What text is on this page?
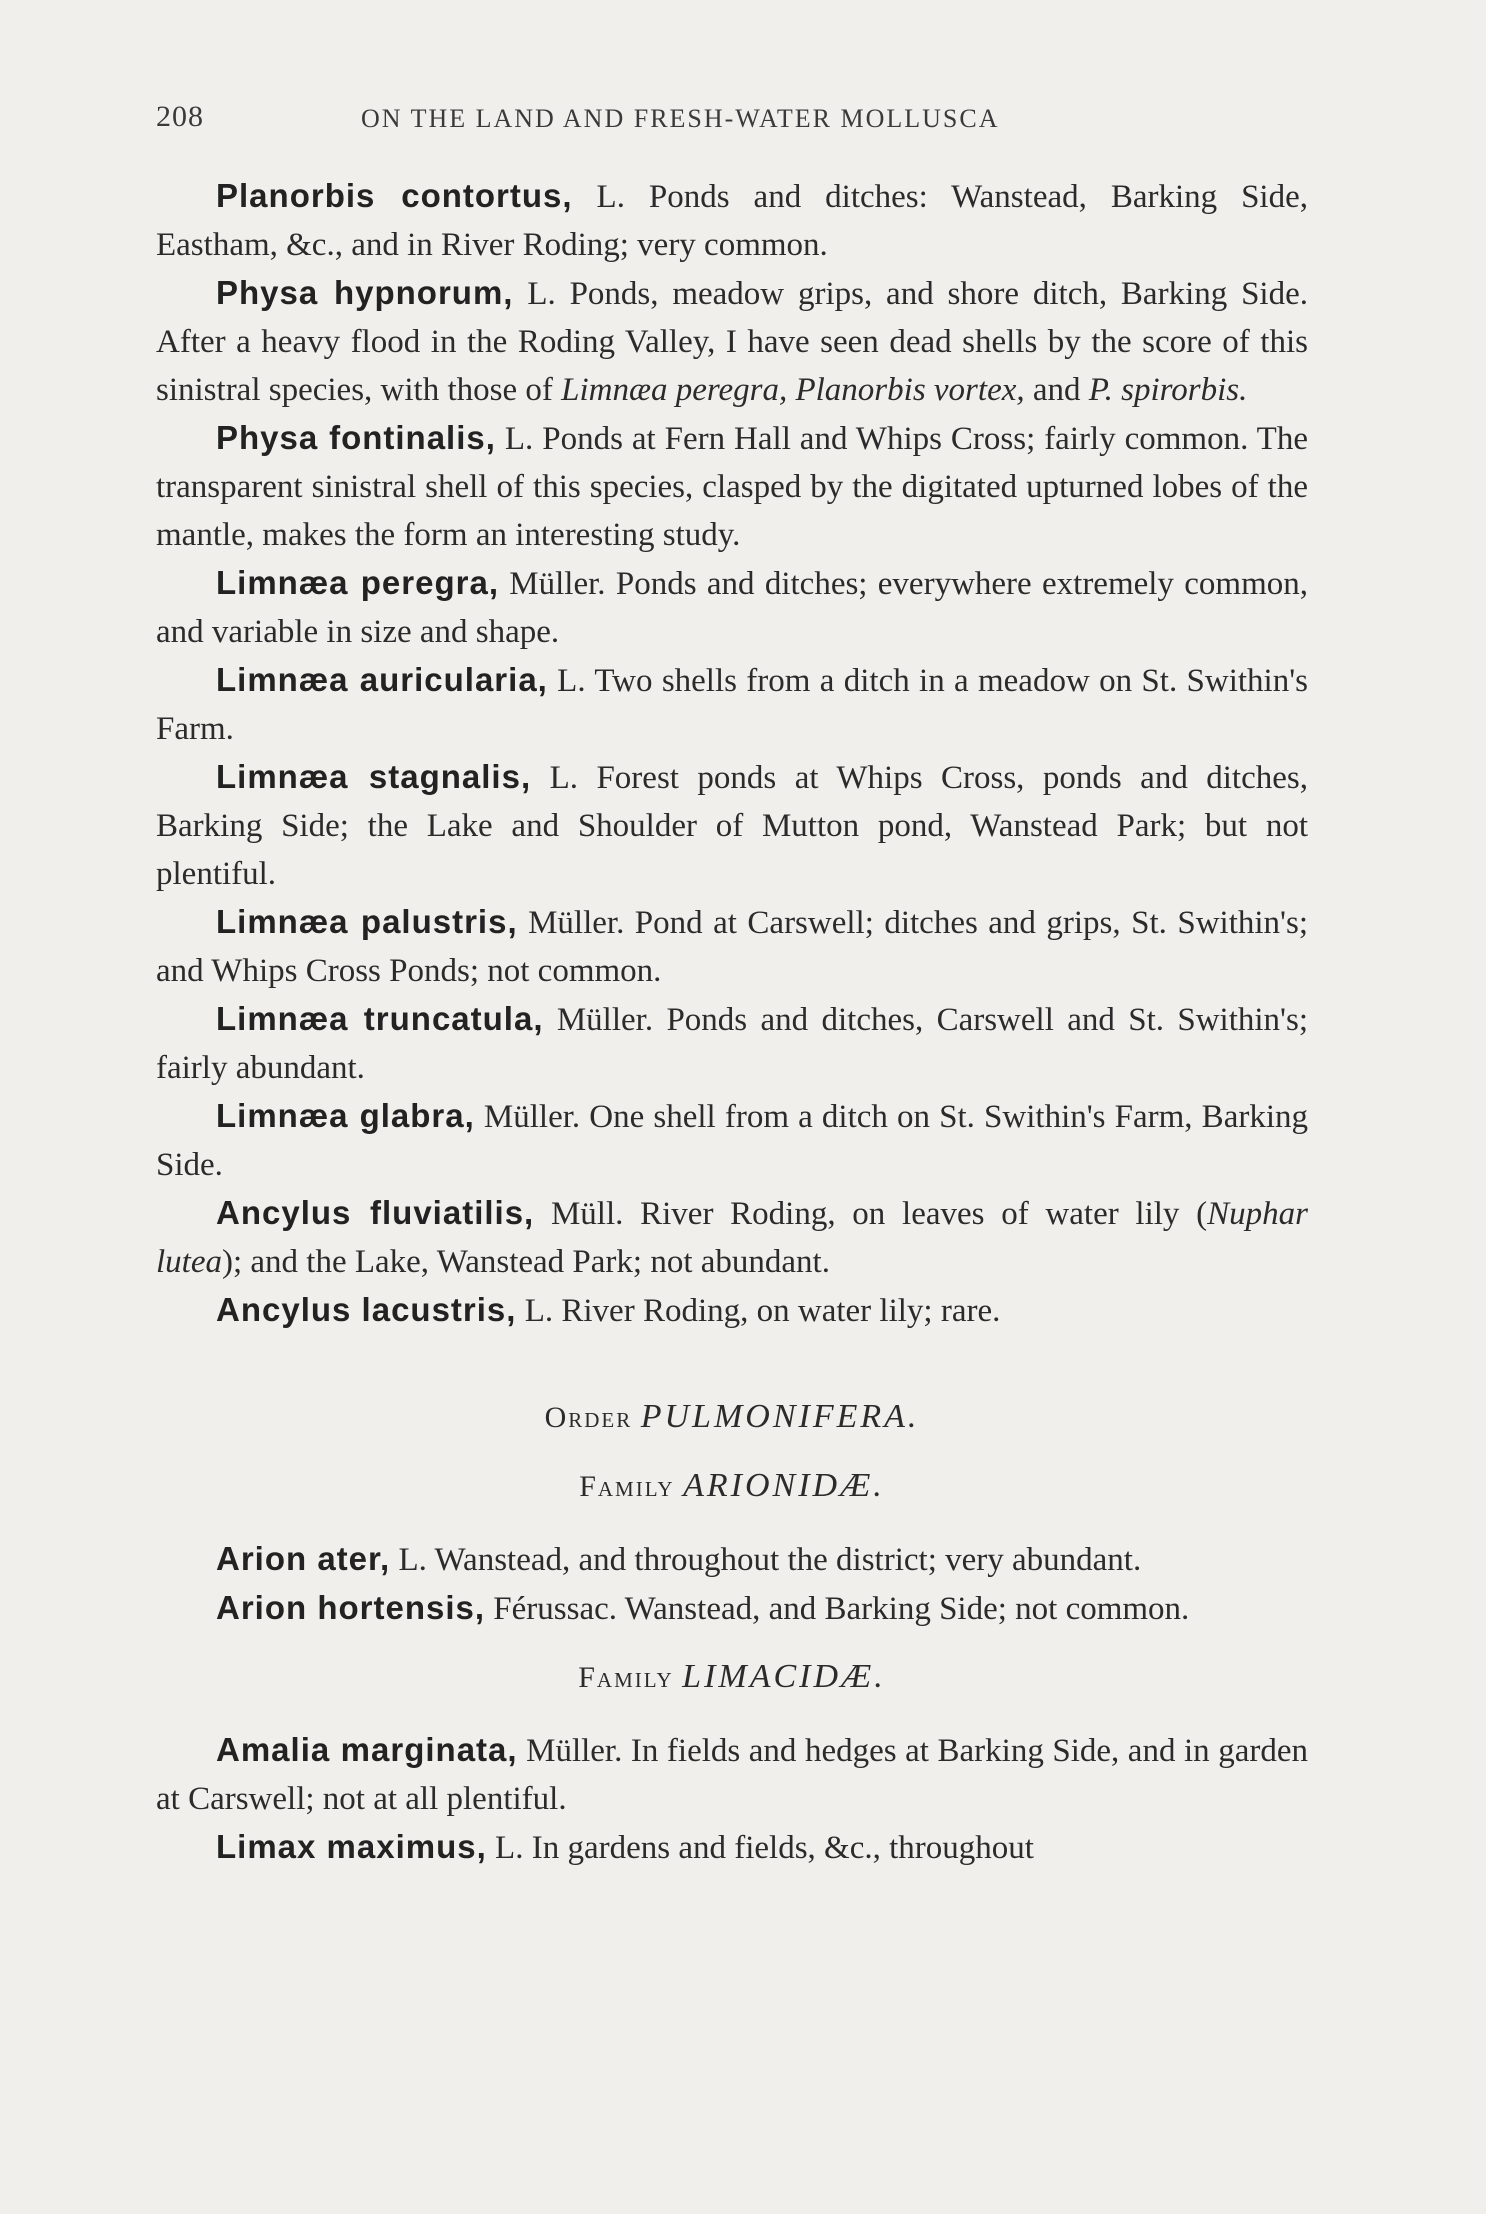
208	ON THE LAND AND FRESH-WATER MOLLUSCA

Planorbis contortus, L. Ponds and ditches: Wanstead, Barking Side, Eastham, &c., and in River Roding; very common.

Physa hypnorum, L. Ponds, meadow grips, and shore ditch, Barking Side. After a heavy flood in the Roding Valley, I have seen dead shells by the score of this sinistral species, with those of Limnæa peregra, Planorbis vortex, and P. spirorbis.

Physa fontinalis, L. Ponds at Fern Hall and Whips Cross; fairly common. The transparent sinistral shell of this species, clasped by the digitated upturned lobes of the mantle, makes the form an interesting study.

Limnæa peregra, Müller. Ponds and ditches; everywhere extremely common, and variable in size and shape.

Limnæa auricularia, L. Two shells from a ditch in a meadow on St. Swithin's Farm.

Limnæa stagnalis, L. Forest ponds at Whips Cross, ponds and ditches, Barking Side; the Lake and Shoulder of Mutton pond, Wanstead Park; but not plentiful.

Limnæa palustris, Müller. Pond at Carswell; ditches and grips, St. Swithin's; and Whips Cross Ponds; not common.

Limnæa truncatula, Müller. Ponds and ditches, Carswell and St. Swithin's; fairly abundant.

Limnæa glabra, Müller. One shell from a ditch on St. Swithin's Farm, Barking Side.

Ancylus fluviatilis, Müll. River Roding, on leaves of water lily (Nuphar lutea); and the Lake, Wanstead Park; not abundant.

Ancylus lacustris, L. River Roding, on water lily; rare.

Order PULMONIFERA.

Family ARIONIDÆ.

Arion ater, L. Wanstead, and throughout the district; very abundant.

Arion hortensis, Férussac. Wanstead, and Barking Side; not common.

Family LIMACIDÆ.

Amalia marginata, Müller. In fields and hedges at Barking Side, and in garden at Carswell; not at all plentiful.

Limax maximus, L. In gardens and fields, &c., throughout
